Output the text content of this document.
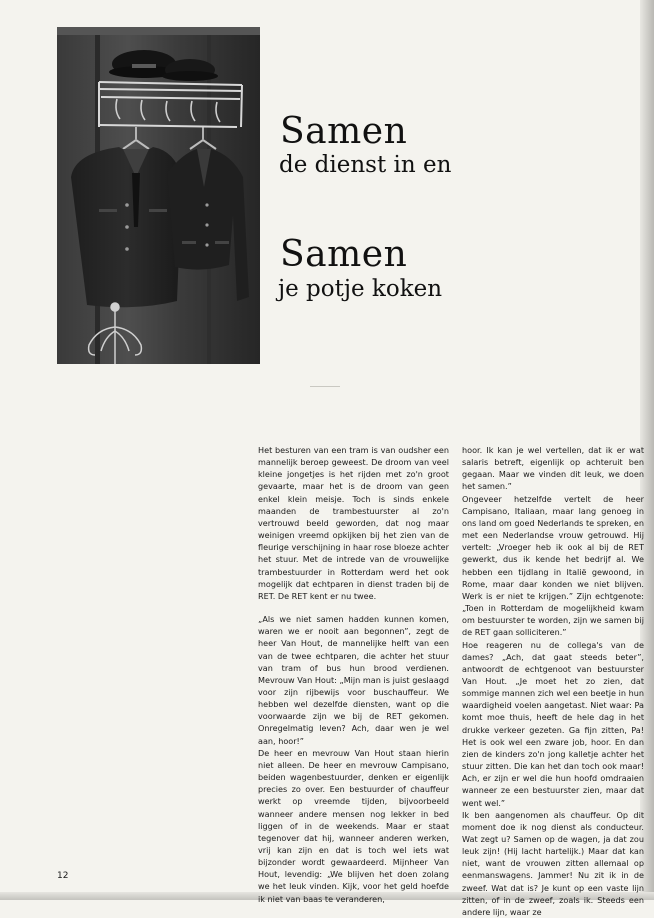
Samen
de dienst in en
Samen
je potje koken

Het besturen van een tram is van oudsher een mannelijk beroep geweest. De droom van veel kleine jongetjes is het rijden met zo'n groot gevaarte, maar het is de droom van geen enkel klein meisje. Toch is sinds enkele maanden de trambestuurster al zo'n vertrouwd beeld geworden, dat nog maar weinigen vreemd opkijken bij het zien van de fleurige verschijning in haar rose bloeze achter het stuur. Met de intrede van de vrouwelijke trambestuurder in Rotterdam werd het ook mogelijk dat echtparen in dienst traden bij de RET. De RET kent er nu twee.

„Als we niet samen hadden kunnen komen, waren we er nooit aan begonnen”, zegt de heer Van Hout, de mannelijke helft van een van de twee echtparen, die achter het stuur van tram of bus hun brood verdienen. Mevrouw Van Hout: „Mijn man is juist geslaagd voor zijn rijbewijs voor buschauffeur. We hebben wel dezelfde diensten, want op die voorwaarde zijn we bij de RET gekomen. Onregelmatig leven? Ach, daar wen je wel aan, hoor!”

De heer en mevrouw Van Hout staan hierin niet alleen. De heer en mevrouw Campisano, beiden wagenbestuurder, denken er eigenlijk precies zo over. Een bestuurder of chauffeur werkt op vreemde tijden, bijvoorbeeld wanneer andere mensen nog lekker in bed liggen of in de weekends. Maar er staat tegenover dat hij, wanneer anderen werken, vrij kan zijn en dat is toch wel iets wat bijzonder wordt gewaardeerd. Mijnheer Van Hout, levendig: „We blijven het doen zolang we het leuk vinden. Kijk, voor het geld hoefde ik niet van baas te veranderen,

hoor. Ik kan je wel vertellen, dat ik er wat salaris betreft, eigenlijk op achteruit ben gegaan. Maar we vinden dit leuk, we doen het samen.”

Ongeveer hetzelfde vertelt de heer Campisano, Italiaan, maar lang genoeg in ons land om goed Nederlands te spreken, en met een Nederlandse vrouw getrouwd. Hij vertelt: „Vroeger heb ik ook al bij de RET gewerkt, dus ik kende het bedrijf al. We hebben een tijdlang in Italië gewoond, in Rome, maar daar konden we niet blijven. Werk is er niet te krijgen.” Zijn echtgenote: „Toen in Rotterdam de mogelijkheid kwam om bestuurster te worden, zijn we samen bij de RET gaan solliciteren.”

Hoe reageren nu de collega's van de dames? „Ach, dat gaat steeds beter”, antwoordt de echtgenoot van bestuurster Van Hout. „Je moet het zo zien, dat sommige mannen zich wel een beetje in hun waardigheid voelen aangetast. Niet waar: Pa komt moe thuis, heeft de hele dag in het drukke verkeer gezeten. Ga fijn zitten, Pa! Het is ook wel een zware job, hoor. En dan zien de kinders zo'n jong kalletje achter het stuur zitten. Die kan het dan toch ook maar! Ach, er zijn er wel die hun hoofd omdraaien wanneer ze een bestuurster zien, maar dat went wel.”

Ik ben aangenomen als chauffeur. Op dit moment doe ik nog dienst als conducteur. Wat zegt u? Samen op de wagen, ja dat zou leuk zijn! (Hij lacht hartelijk.) Maar dat kan niet, want de vrouwen zitten allemaal op eenmanswagens. Jammer! Nu zit ik in de zweef. Wat dat is? Je kunt op een vaste lijn zitten, of in de zweef, zoals ik. Steeds een andere lijn, waar ze

12
